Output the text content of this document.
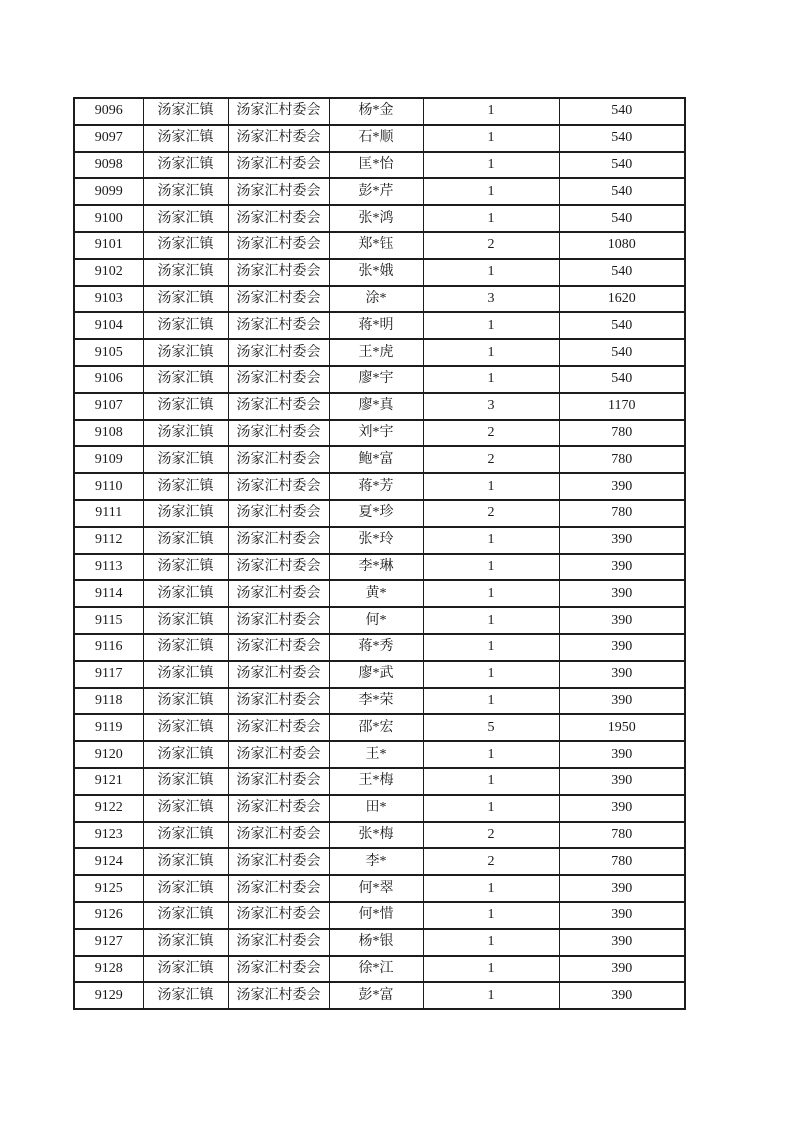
9096	汤家汇镇	汤家汇村委会	杨*金	1	540
9097	汤家汇镇	汤家汇村委会	石*顺	1	540
9098	汤家汇镇	汤家汇村委会	匡*怡	1	540
9099	汤家汇镇	汤家汇村委会	彭*芹	1	540
9100	汤家汇镇	汤家汇村委会	张*鸿	1	540
9101	汤家汇镇	汤家汇村委会	郑*钰	2	1080
9102	汤家汇镇	汤家汇村委会	张*娥	1	540
9103	汤家汇镇	汤家汇村委会	涂*	3	1620
9104	汤家汇镇	汤家汇村委会	蒋*明	1	540
9105	汤家汇镇	汤家汇村委会	王*虎	1	540
9106	汤家汇镇	汤家汇村委会	廖*宇	1	540
9107	汤家汇镇	汤家汇村委会	廖*真	3	1170
9108	汤家汇镇	汤家汇村委会	刘*宇	2	780
9109	汤家汇镇	汤家汇村委会	鲍*富	2	780
9110	汤家汇镇	汤家汇村委会	蒋*芳	1	390
9111	汤家汇镇	汤家汇村委会	夏*珍	2	780
9112	汤家汇镇	汤家汇村委会	张*玲	1	390
9113	汤家汇镇	汤家汇村委会	李*琳	1	390
9114	汤家汇镇	汤家汇村委会	黄*	1	390
9115	汤家汇镇	汤家汇村委会	何*	1	390
9116	汤家汇镇	汤家汇村委会	蒋*秀	1	390
9117	汤家汇镇	汤家汇村委会	廖*武	1	390
9118	汤家汇镇	汤家汇村委会	李*荣	1	390
9119	汤家汇镇	汤家汇村委会	邵*宏	5	1950
9120	汤家汇镇	汤家汇村委会	王*	1	390
9121	汤家汇镇	汤家汇村委会	王*梅	1	390
9122	汤家汇镇	汤家汇村委会	田*	1	390
9123	汤家汇镇	汤家汇村委会	张*梅	2	780
9124	汤家汇镇	汤家汇村委会	李*	2	780
9125	汤家汇镇	汤家汇村委会	何*翠	1	390
9126	汤家汇镇	汤家汇村委会	何*惜	1	390
9127	汤家汇镇	汤家汇村委会	杨*银	1	390
9128	汤家汇镇	汤家汇村委会	徐*江	1	390
9129	汤家汇镇	汤家汇村委会	彭*富	1	390
